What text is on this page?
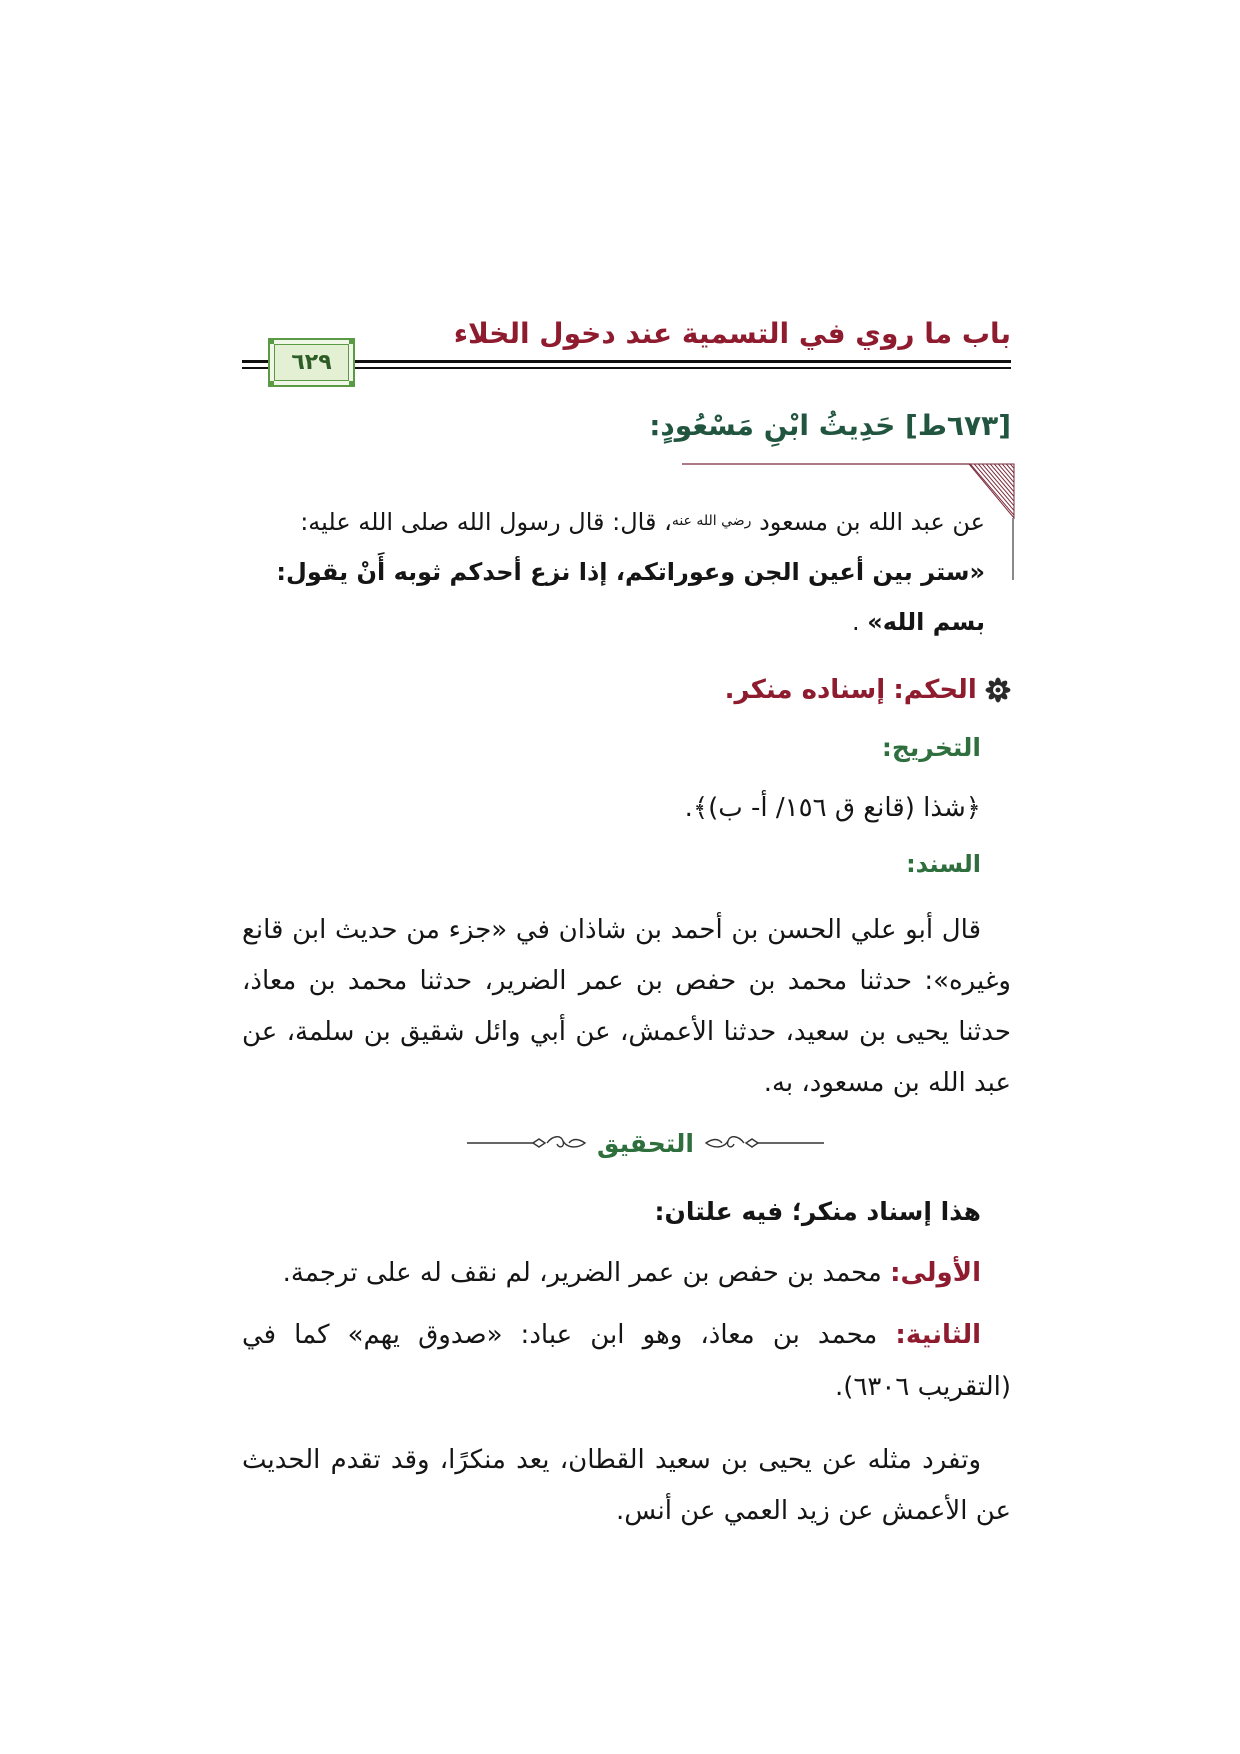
باب ما روي في التسمية عند دخول الخلاء
٦٢٩
[٦٧٣ط] حَدِيثُ ابْنِ مَسْعُودٍ:
عن عبد الله بن مسعود $^{رضي الله عنه}$، قال: قال رسول الله صلى الله عليه:
«ستر بين أعين الجن وعوراتكم، إذا نزع أحدكم ثوبه أَنْ يقول: بسم الله» .
الحكم: إسناده منكر.
التخريج:
﴿شذا (قانع ق ١٥٦/ أ- ب)﴾.
السند:
قال أبو علي الحسن بن أحمد بن شاذان في «جزء من حديث ابن قانع وغيره»: حدثنا محمد بن حفص بن عمر الضرير، حدثنا محمد بن معاذ، حدثنا يحيى بن سعيد، حدثنا الأعمش، عن أبي وائل شقيق بن سلمة، عن عبد الله بن مسعود، به.
التحقيق
هذا إسناد منكر؛ فيه علتان:
الأولى: محمد بن حفص بن عمر الضرير، لم نقف له على ترجمة.
الثانية: محمد بن معاذ، وهو ابن عباد: «صدوق يهم» كما في (التقريب ٦٣٠٦).
وتفرد مثله عن يحيى بن سعيد القطان، يعد منكرًا، وقد تقدم الحديث عن الأعمش عن زيد العمي عن أنس.
